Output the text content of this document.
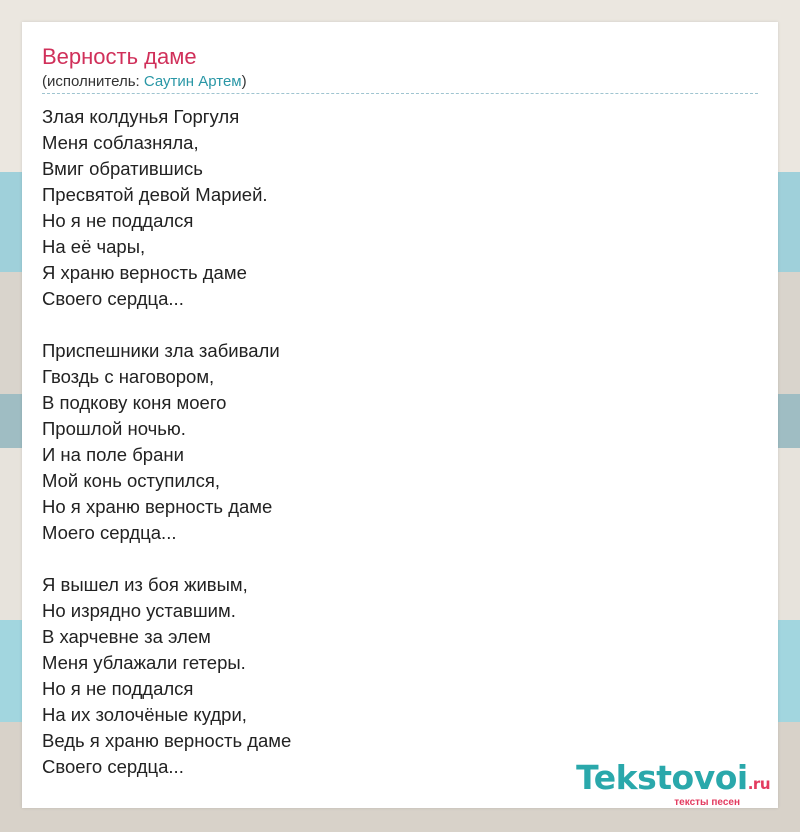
Верность даме
(исполнитель: Саутин Артем)
Злая колдунья Горгуля
Меня соблазняла,
Вмиг обратившись
Пресвятой девой Марией.
Но я не поддался
На её чары,
Я храню верность даме
Своего сердца...
Приспешники зла забивали
Гвоздь с наговором,
В подкову коня моего
Прошлой ночью.
И на поле брани
Мой конь оступился,
Но я храню верность даме
Моего сердца...
Я вышел из боя живым,
Но изрядно уставшим.
В харчевне за элем
Меня ублажали гетеры.
Но я не поддался
На их золочёные кудри,
Ведь я храню верность даме
Своего сердца...	Tekstovoi.ru
тексты песен
